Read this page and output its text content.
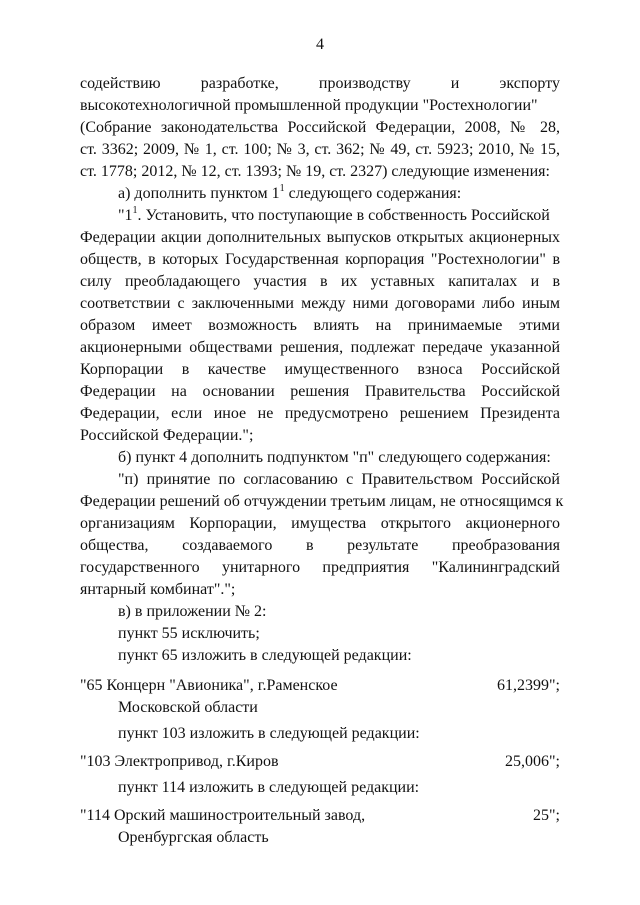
4
содействию разработке, производству и экспорту
высокотехнологичной промышленной продукции "Ростехнологии"
(Собрание законодательства Российской Федерации, 2008, № 28,
ст. 3362; 2009, № 1, ст. 100; № 3, ст. 362; № 49, ст. 5923; 2010, № 15,
ст. 1778; 2012, № 12, ст. 1393; № 19, ст. 2327) следующие изменения:
а) дополнить пунктом $1^1$ следующего содержания:
"$1^1$. Установить, что поступающие в собственность Российской
Федерации акции дополнительных выпусков открытых акционерных
обществ, в которых Государственная корпорация "Ростехнологии" в
силу преобладающего участия в их уставных капиталах и в
соответствии с заключенными между ними договорами либо иным
образом имеет возможность влиять на принимаемые этими
акционерными обществами решения, подлежат передаче указанной
Корпорации в качестве имущественного взноса Российской
Федерации на основании решения Правительства Российской
Федерации, если иное не предусмотрено решением Президента
Российской Федерации.";
б) пункт 4 дополнить подпунктом "п" следующего содержания:
"п) принятие по согласованию с Правительством Российской
Федерации решений об отчуждении третьим лицам, не относящимся к
организациям Корпорации, имущества открытого акционерного
общества, создаваемого в результате преобразования
государственного унитарного предприятия "Калининградский
янтарный комбинат".";
в) в приложении № 2:
пункт 55 исключить;
пункт 65 изложить в следующей редакции:
"65 Концерн "Авионика", г.Раменское
Московской области
61,2399";
пункт 103 изложить в следующей редакции:
"103 Электропривод, г.Киров	25,006";
пункт 114 изложить в следующей редакции:
"114 Орский машиностроительный завод,
Оренбургская область
25";
